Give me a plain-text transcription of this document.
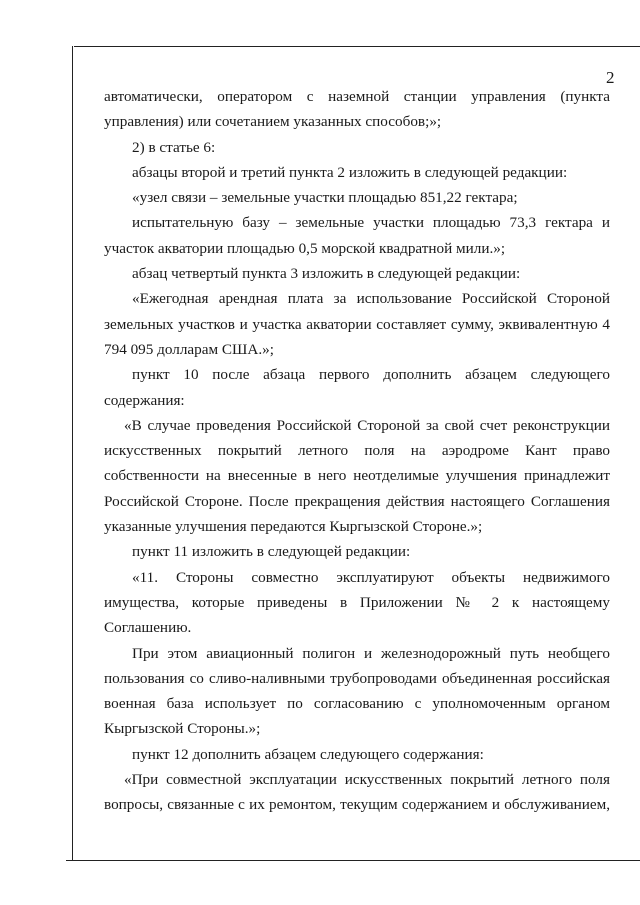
2

автоматически, оператором с наземной станции управления (пункта управления) или сочетанием указанных способов;»;

2) в статье 6:

абзацы второй и третий пункта 2 изложить в следующей редакции:

«узел связи – земельные участки площадью 851,22 гектара;

испытательную базу – земельные участки площадью 73,3 гектара и участок акватории площадью 0,5 морской квадратной мили.»;

абзац четвертый пункта 3 изложить в следующей редакции:

«Ежегодная арендная плата за использование Российской Стороной земельных участков и участка акватории составляет сумму, эквивалентную 4 794 095 долларам США.»;

пункт 10 после абзаца первого дополнить абзацем следующего содержания:

«В случае проведения Российской Стороной за свой счет реконструкции искусственных покрытий летного поля на аэродроме Кант право собственности на внесенные в него неотделимые улучшения принадлежит Российской Стороне. После прекращения действия настоящего Соглашения указанные улучшения передаются Кыргызской Стороне.»;

пункт 11 изложить в следующей редакции:

«11. Стороны совместно эксплуатируют объекты недвижимого имущества, которые приведены в Приложении № 2 к настоящему Соглашению.

При этом авиационный полигон и железнодорожный путь необщего пользования со сливо-наливными трубопроводами объединенная российская военная база использует по согласованию с уполномоченным органом Кыргызской Стороны.»;

пункт 12 дополнить абзацем следующего содержания:

«При совместной эксплуатации искусственных покрытий летного поля вопросы, связанные с их ремонтом, текущим содержанием и обслуживанием,
